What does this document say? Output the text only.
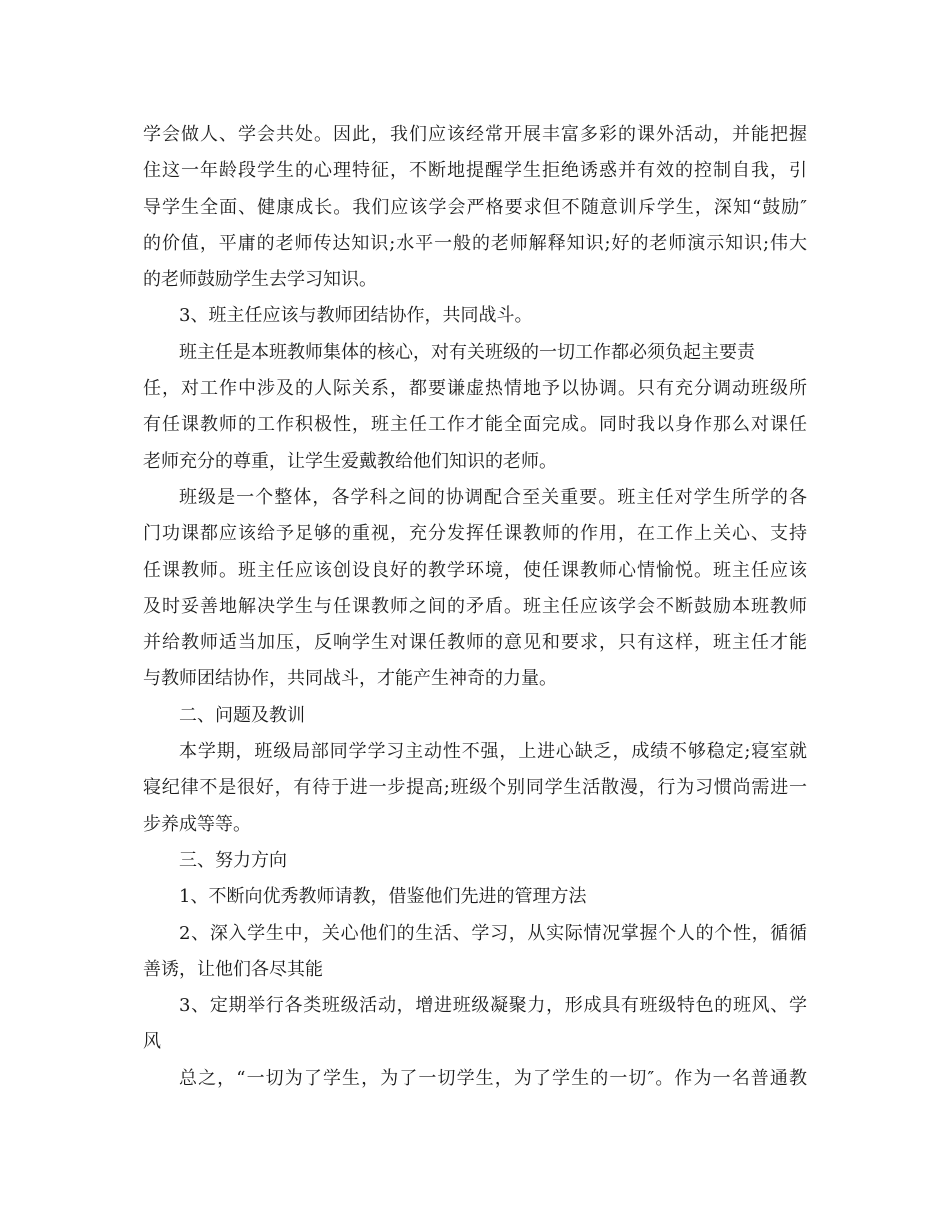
学会做人、学会共处。因此，我们应该经常开展丰富多彩的课外活动，并能把握
住这一年龄段学生的心理特征，不断地提醒学生拒绝诱惑并有效的控制自我，引
导学生全面、健康成长。我们应该学会严格要求但不随意训斥学生，深知“鼓励″
的价值，平庸的老师传达知识;水平一般的老师解释知识;好的老师演示知识;伟大
的老师鼓励学生去学习知识。
3、班主任应该与教师团结协作，共同战斗。
班主任是本班教师集体的核心，对有关班级的一切工作都必须负起主要责
任，对工作中涉及的人际关系，都要谦虚热情地予以协调。只有充分调动班级所
有任课教师的工作积极性，班主任工作才能全面完成。同时我以身作那么对课任
老师充分的尊重，让学生爱戴教给他们知识的老师。
班级是一个整体，各学科之间的协调配合至关重要。班主任对学生所学的各
门功课都应该给予足够的重视，充分发挥任课教师的作用，在工作上关心、支持
任课教师。班主任应该创设良好的教学环境，使任课教师心情愉悦。班主任应该
及时妥善地解决学生与任课教师之间的矛盾。班主任应该学会不断鼓励本班教师
并给教师适当加压，反响学生对课任教师的意见和要求，只有这样，班主任才能
与教师团结协作，共同战斗，才能产生神奇的力量。
二、问题及教训
本学期，班级局部同学学习主动性不强，上进心缺乏，成绩不够稳定;寝室就
寝纪律不是很好，有待于进一步提高;班级个别同学生活散漫，行为习惯尚需进一
步养成等等。
三、努力方向
1、不断向优秀教师请教，借鉴他们先进的管理方法
2、深入学生中，关心他们的生活、学习，从实际情况掌握个人的个性，循循
善诱，让他们各尽其能
3、定期举行各类班级活动，增进班级凝聚力，形成具有班级特色的班风、学
风
总之，“一切为了学生，为了一切学生，为了学生的一切″。作为一名普通教
